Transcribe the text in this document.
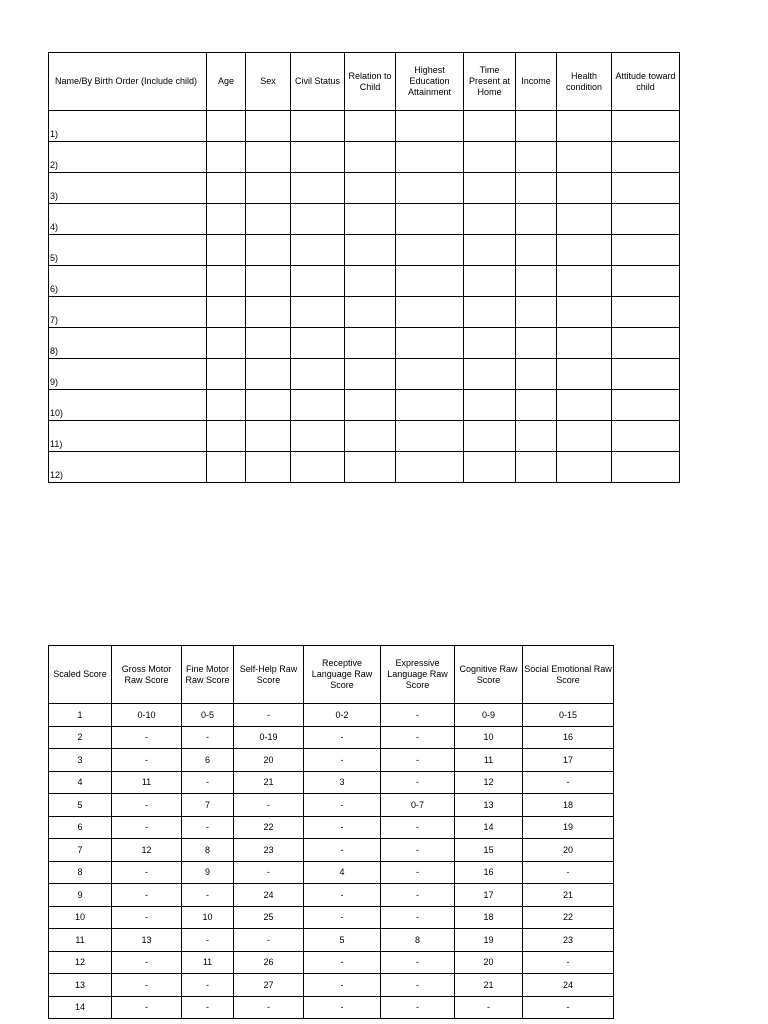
Name/By Birth Order (Include child)	Age	Sex	Civil Status	Relation to Child	Highest Education Attainment	Time Present at Home	Income	Health condition	Attitude toward child
1)									
2)									
3)									
4)									
5)									
6)									
7)									
8)									
9)									
10)									
11)									
12)									
Scaled Score	Gross Motor Raw Score	Fine Motor Raw Score	Self-Help Raw Score	Receptive Language Raw Score	Expressive Language Raw Score	Cognitive Raw Score	Social Emotional Raw Score
1	0-10	0-5	-	0-2	-	0-9	0-15
2	-	-	0-19	-	-	10	16
3	-	6	20	-	-	11	17
4	11	-	21	3	-	12	-
5	-	7	-	-	0-7	13	18
6	-	-	22	-	-	14	19
7	12	8	23	-	-	15	20
8	-	9	-	4	-	16	-
9	-	-	24	-	-	17	21
10	-	10	25	-	-	18	22
11	13	-	-	5	8	19	23
12	-	11	26	-	-	20	-
13	-	-	27	-	-	21	24
14	-	-	-	-	-	-	-
